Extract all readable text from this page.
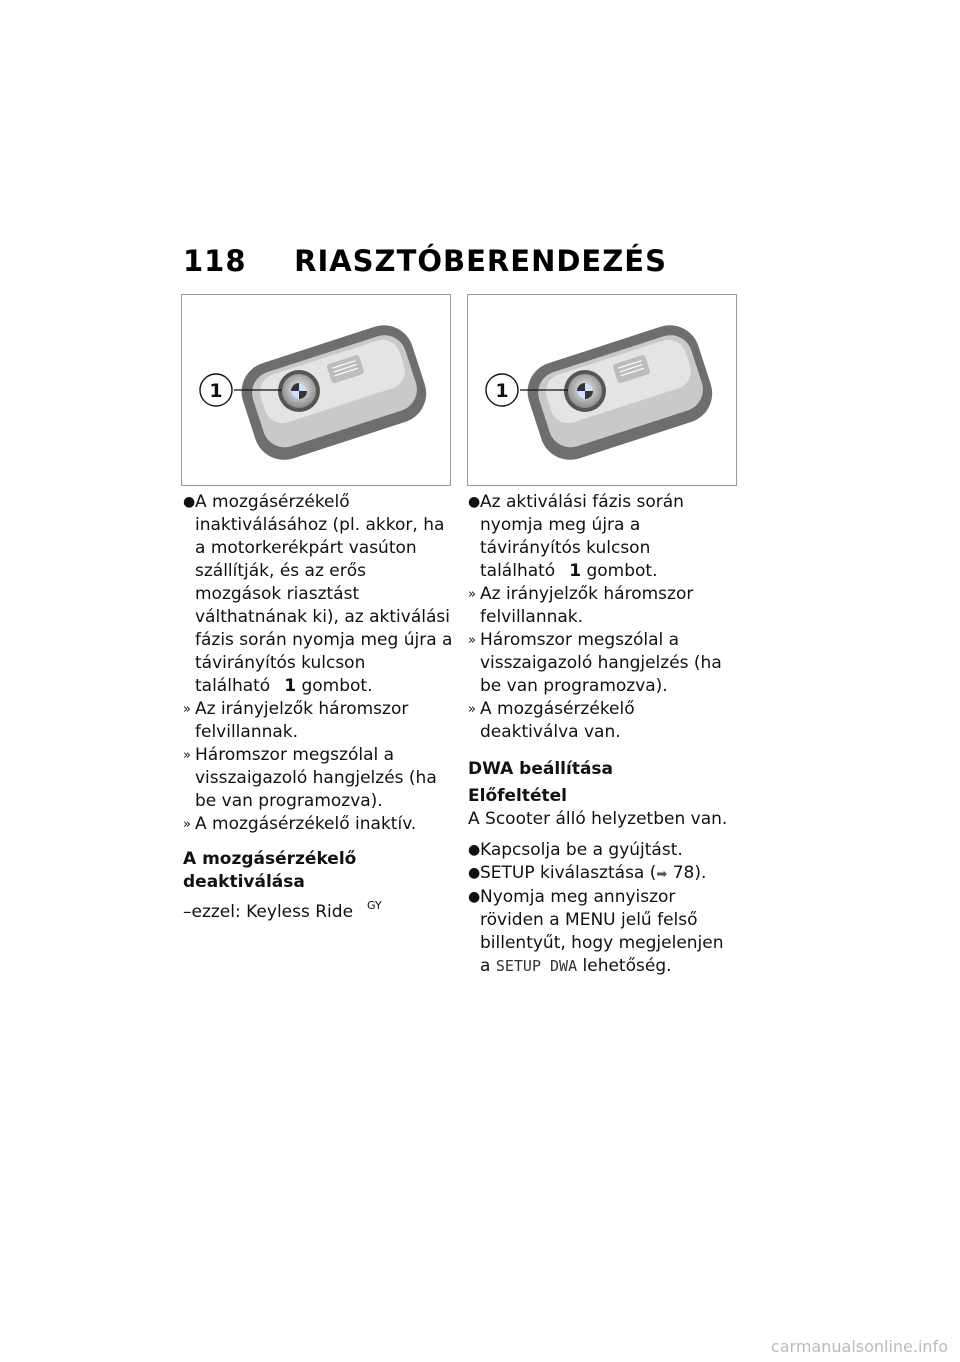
118 RIASZTÓBERENDEZÉS
1	1

● A mozgásérzékelő inaktiválásához (pl. akkor, ha a motorkerékpárt vasúton szállítják, és az erős mozgások riasztást válthatnának ki), az aktiválási fázis során nyomja meg újra a távirányítós kulcson található 1 gombot.

» Az irányjelzők háromszor felvillannak.

» Háromszor megszólal a visszaigazoló hangjelzés (ha be van programozva).

» A mozgásérzékelő inaktív.

A mozgásérzékelő deaktiválása

–ezzel: Keyless Ride $^{GY}$

● Az aktiválási fázis során nyomja meg újra a távirányítós kulcson található 1 gombot.

» Az irányjelzők háromszor felvillannak.

» Háromszor megszólal a visszaigazoló hangjelzés (ha be van programozva).

» A mozgásérzékelő deaktiválva van.

DWA beállítása
Előfeltétel

A Scooter álló helyzetben van.

● Kapcsolja be a gyújtást.

● SETUP kiválasztása (➡ 78).

● Nyomja meg annyiszor röviden a MENU jelű felső billentyűt, hogy megjelenjen a SETUP DWA lehetőség.

carmanualsonline.info
